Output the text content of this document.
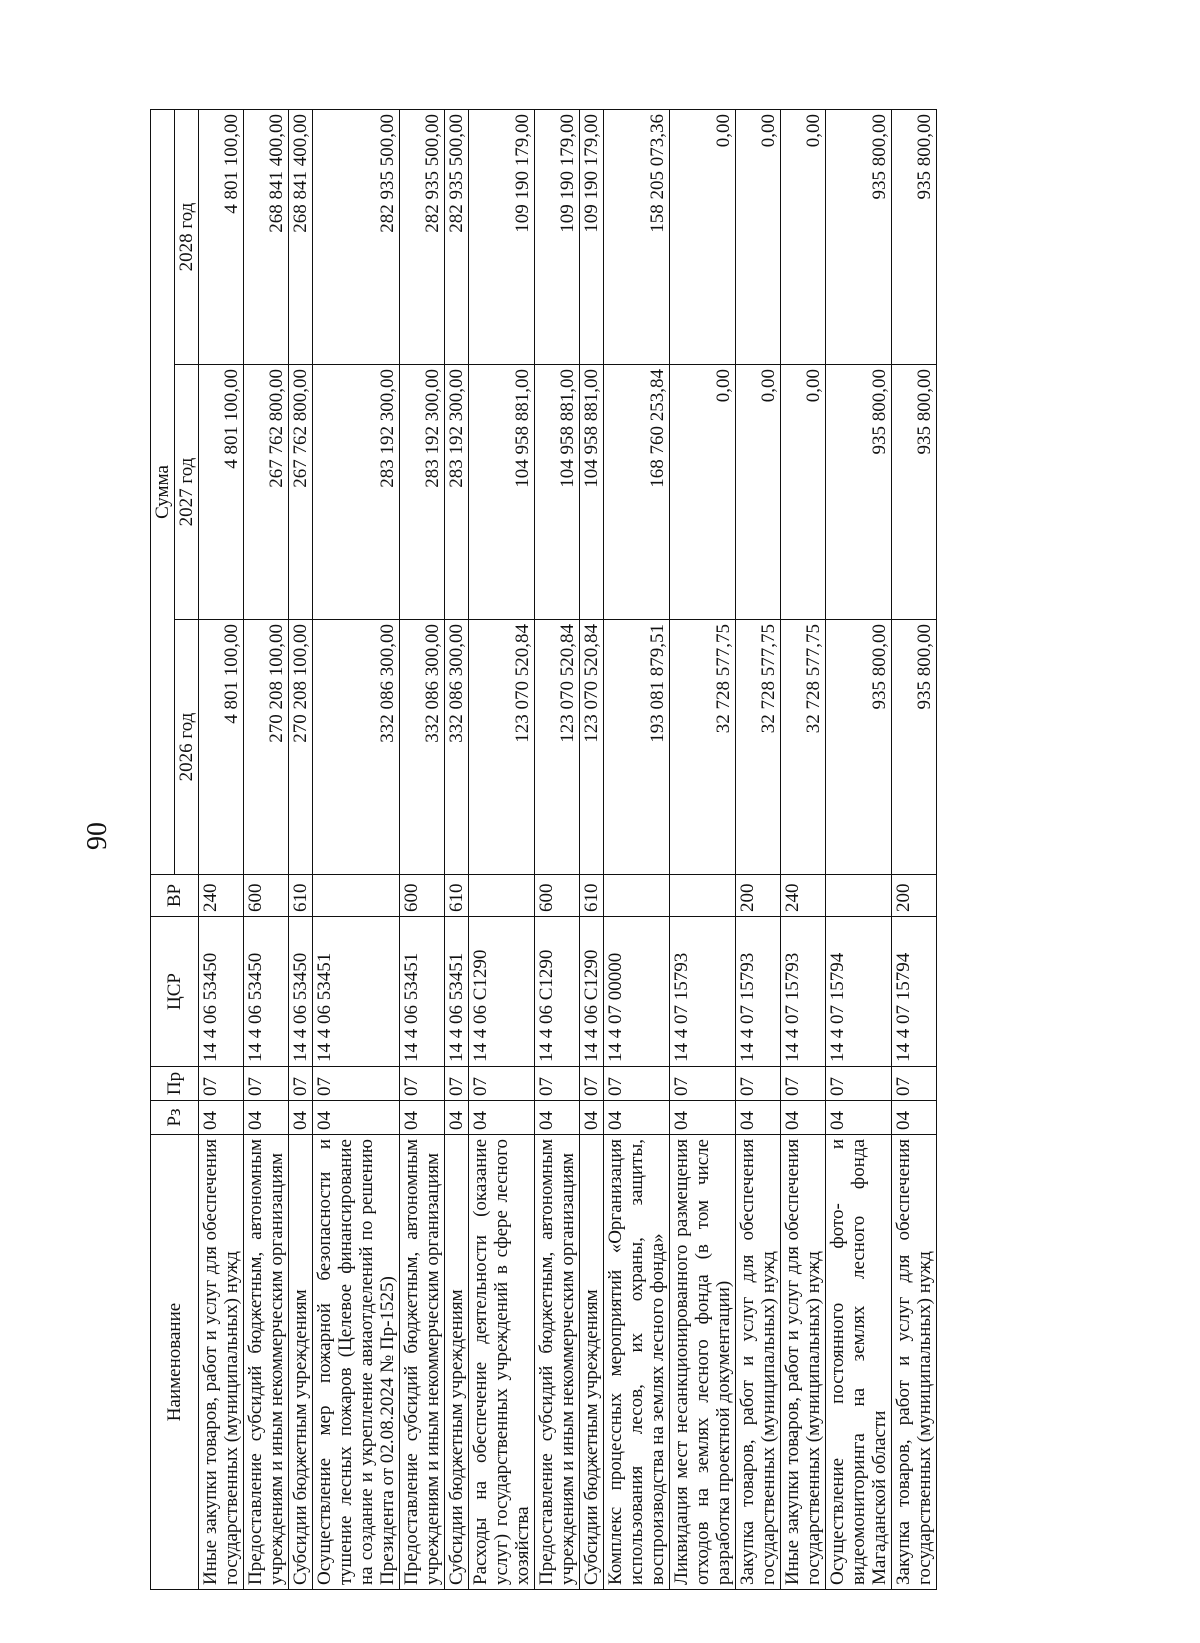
90
Наименование	Рз	Пр	ЦСР	ВР	Сумма		
					2026 год	2027 год	2028 год
Иные закупки товаров, работ и услуг для обеспечения государственных (муниципальных) нужд	04	07	14 4 06 53450	240	4 801 100,00	4 801 100,00	4 801 100,00
Предоставление субсидий бюджетным, автономным учреждениям и иным некоммерческим организациям	04	07	14 4 06 53450	600	270 208 100,00	267 762 800,00	268 841 400,00
Субсидии бюджетным учреждениям	04	07	14 4 06 53450	610	270 208 100,00	267 762 800,00	268 841 400,00
Осуществление мер пожарной безопасности и тушение лесных пожаров (Целевое финансирование на создание и укрепление авиаотделений по решению Президента от 02.08.2024 № Пр-1525)	04	07	14 4 06 53451		332 086 300,00	283 192 300,00	282 935 500,00
Предоставление субсидий бюджетным, автономным учреждениям и иным некоммерческим организациям	04	07	14 4 06 53451	600	332 086 300,00	283 192 300,00	282 935 500,00
Субсидии бюджетным учреждениям	04	07	14 4 06 53451	610	332 086 300,00	283 192 300,00	282 935 500,00
Расходы на обеспечение деятельности (оказание услуг) государственных учреждений в сфере лесного хозяйства	04	07	14 4 06 С1290		123 070 520,84	104 958 881,00	109 190 179,00
Предоставление субсидий бюджетным, автономным учреждениям и иным некоммерческим организациям	04	07	14 4 06 С1290	600	123 070 520,84	104 958 881,00	109 190 179,00
Субсидии бюджетным учреждениям	04	07	14 4 06 С1290	610	123 070 520,84	104 958 881,00	109 190 179,00
Комплекс процессных мероприятий «Организация использования лесов, их охраны, защиты, воспроизводства на землях лесного фонда»	04	07	14 4 07 00000		193 081 879,51	168 760 253,84	158 205 073,36
Ликвидация мест несанкционированного размещения отходов на землях лесного фонда (в том числе разработка проектной документации)	04	07	14 4 07 15793		32 728 577,75	0,00	0,00
Закупка товаров, работ и услуг для обеспечения государственных (муниципальных) нужд	04	07	14 4 07 15793	200	32 728 577,75	0,00	0,00
Иные закупки товаров, работ и услуг для обеспечения государственных (муниципальных) нужд	04	07	14 4 07 15793	240	32 728 577,75	0,00	0,00
Осуществление постоянного фото- и видеомониторинга на землях лесного фонда Магаданской области	04	07	14 4 07 15794		935 800,00	935 800,00	935 800,00
Закупка товаров, работ и услуг для обеспечения государственных (муниципальных) нужд	04	07	14 4 07 15794	200	935 800,00	935 800,00	935 800,00
